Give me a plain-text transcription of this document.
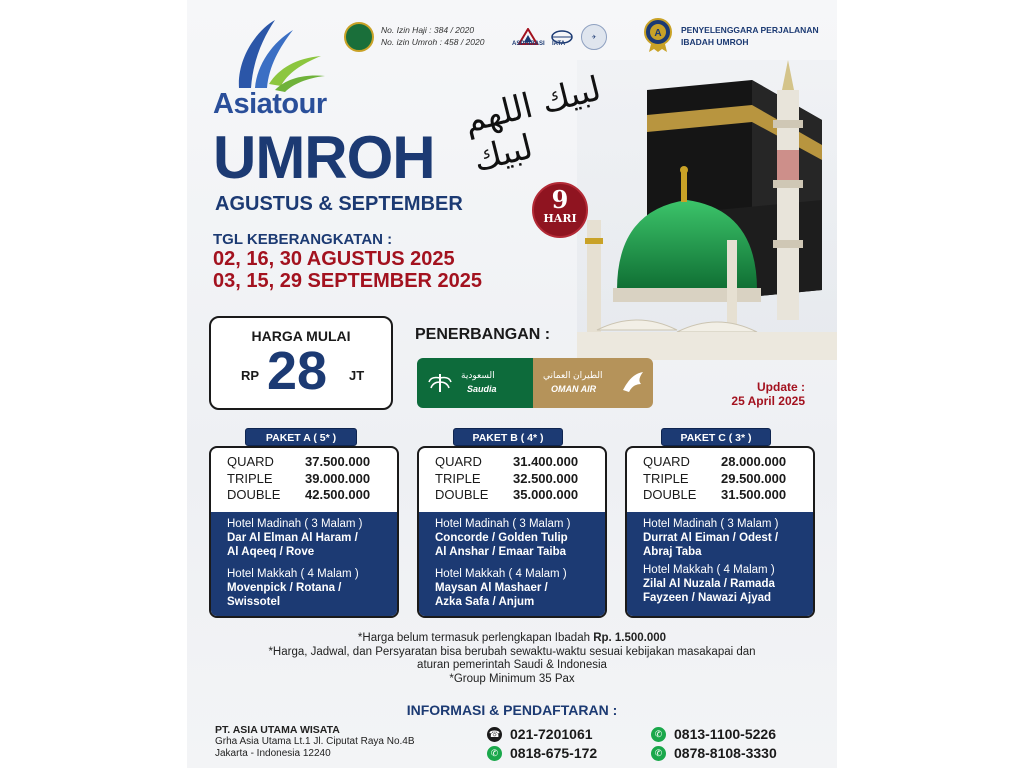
Asiatour
No. Izin Haji : 384 / 2020
No. izin Umroh : 458 / 2020	ASPHIRASI IATA
✈	A PENYELENGGARA PERJALANAN
IBADAH UMROH
لبيك اللهم لبيك
UMROH
AGUSTUS & SEPTEMBER	9
HARI
TGL KEBERANGKATAN :
02, 16, 30 AGUSTUS 2025
03, 15, 29 SEPTEMBER 2025
HARGA MULAI
RP 28 JT
PENERBANGAN :
السعودية
Saudia
الطيران العماني
OMAN AIR	Update :
25 April 2025
PAKET A ( 5* )
QUARD	37.500.000
TRIPLE	39.000.000
DOUBLE	42.500.000
Hotel Madinah ( 3 Malam )
Dar Al Elman Al Haram /
Al Aqeeq / Rove
Hotel Makkah ( 4 Malam )
Movenpick / Rotana /
Swissotel
PAKET B ( 4* )
QUARD	31.400.000
TRIPLE	32.500.000
DOUBLE	35.000.000
Hotel Madinah ( 3 Malam )
Concorde / Golden Tulip
Al Anshar / Emaar Taiba
Hotel Makkah ( 4 Malam )
Maysan Al Mashaer /
Azka Safa / Anjum
PAKET C ( 3* )
QUARD	28.000.000
TRIPLE	29.500.000
DOUBLE	31.500.000
Hotel Madinah ( 3 Malam )
Durrat Al Eiman / Odest /
Abraj Taba
Hotel Makkah ( 4 Malam )
Zilal Al Nuzala / Ramada
Fayzeen / Nawazi Ajyad
*Harga belum termasuk perlengkapan Ibadah Rp. 1.500.000
*Harga, Jadwal, dan Persyaratan bisa berubah sewaktu-waktu sesuai kebijakan masakapai dan
aturan pemerintah Saudi & Indonesia
*Group Minimum 35 Pax
INFORMASI & PENDAFTARAN :
PT. ASIA UTAMA WISATA
Grha Asia Utama Lt.1 Jl. Ciputat Raya No.4B
Jakarta - Indonesia 12240
☎ 021-7201061
✆ 0818-675-172
✆ 0813-1100-5226
✆ 0878-8108-3330
